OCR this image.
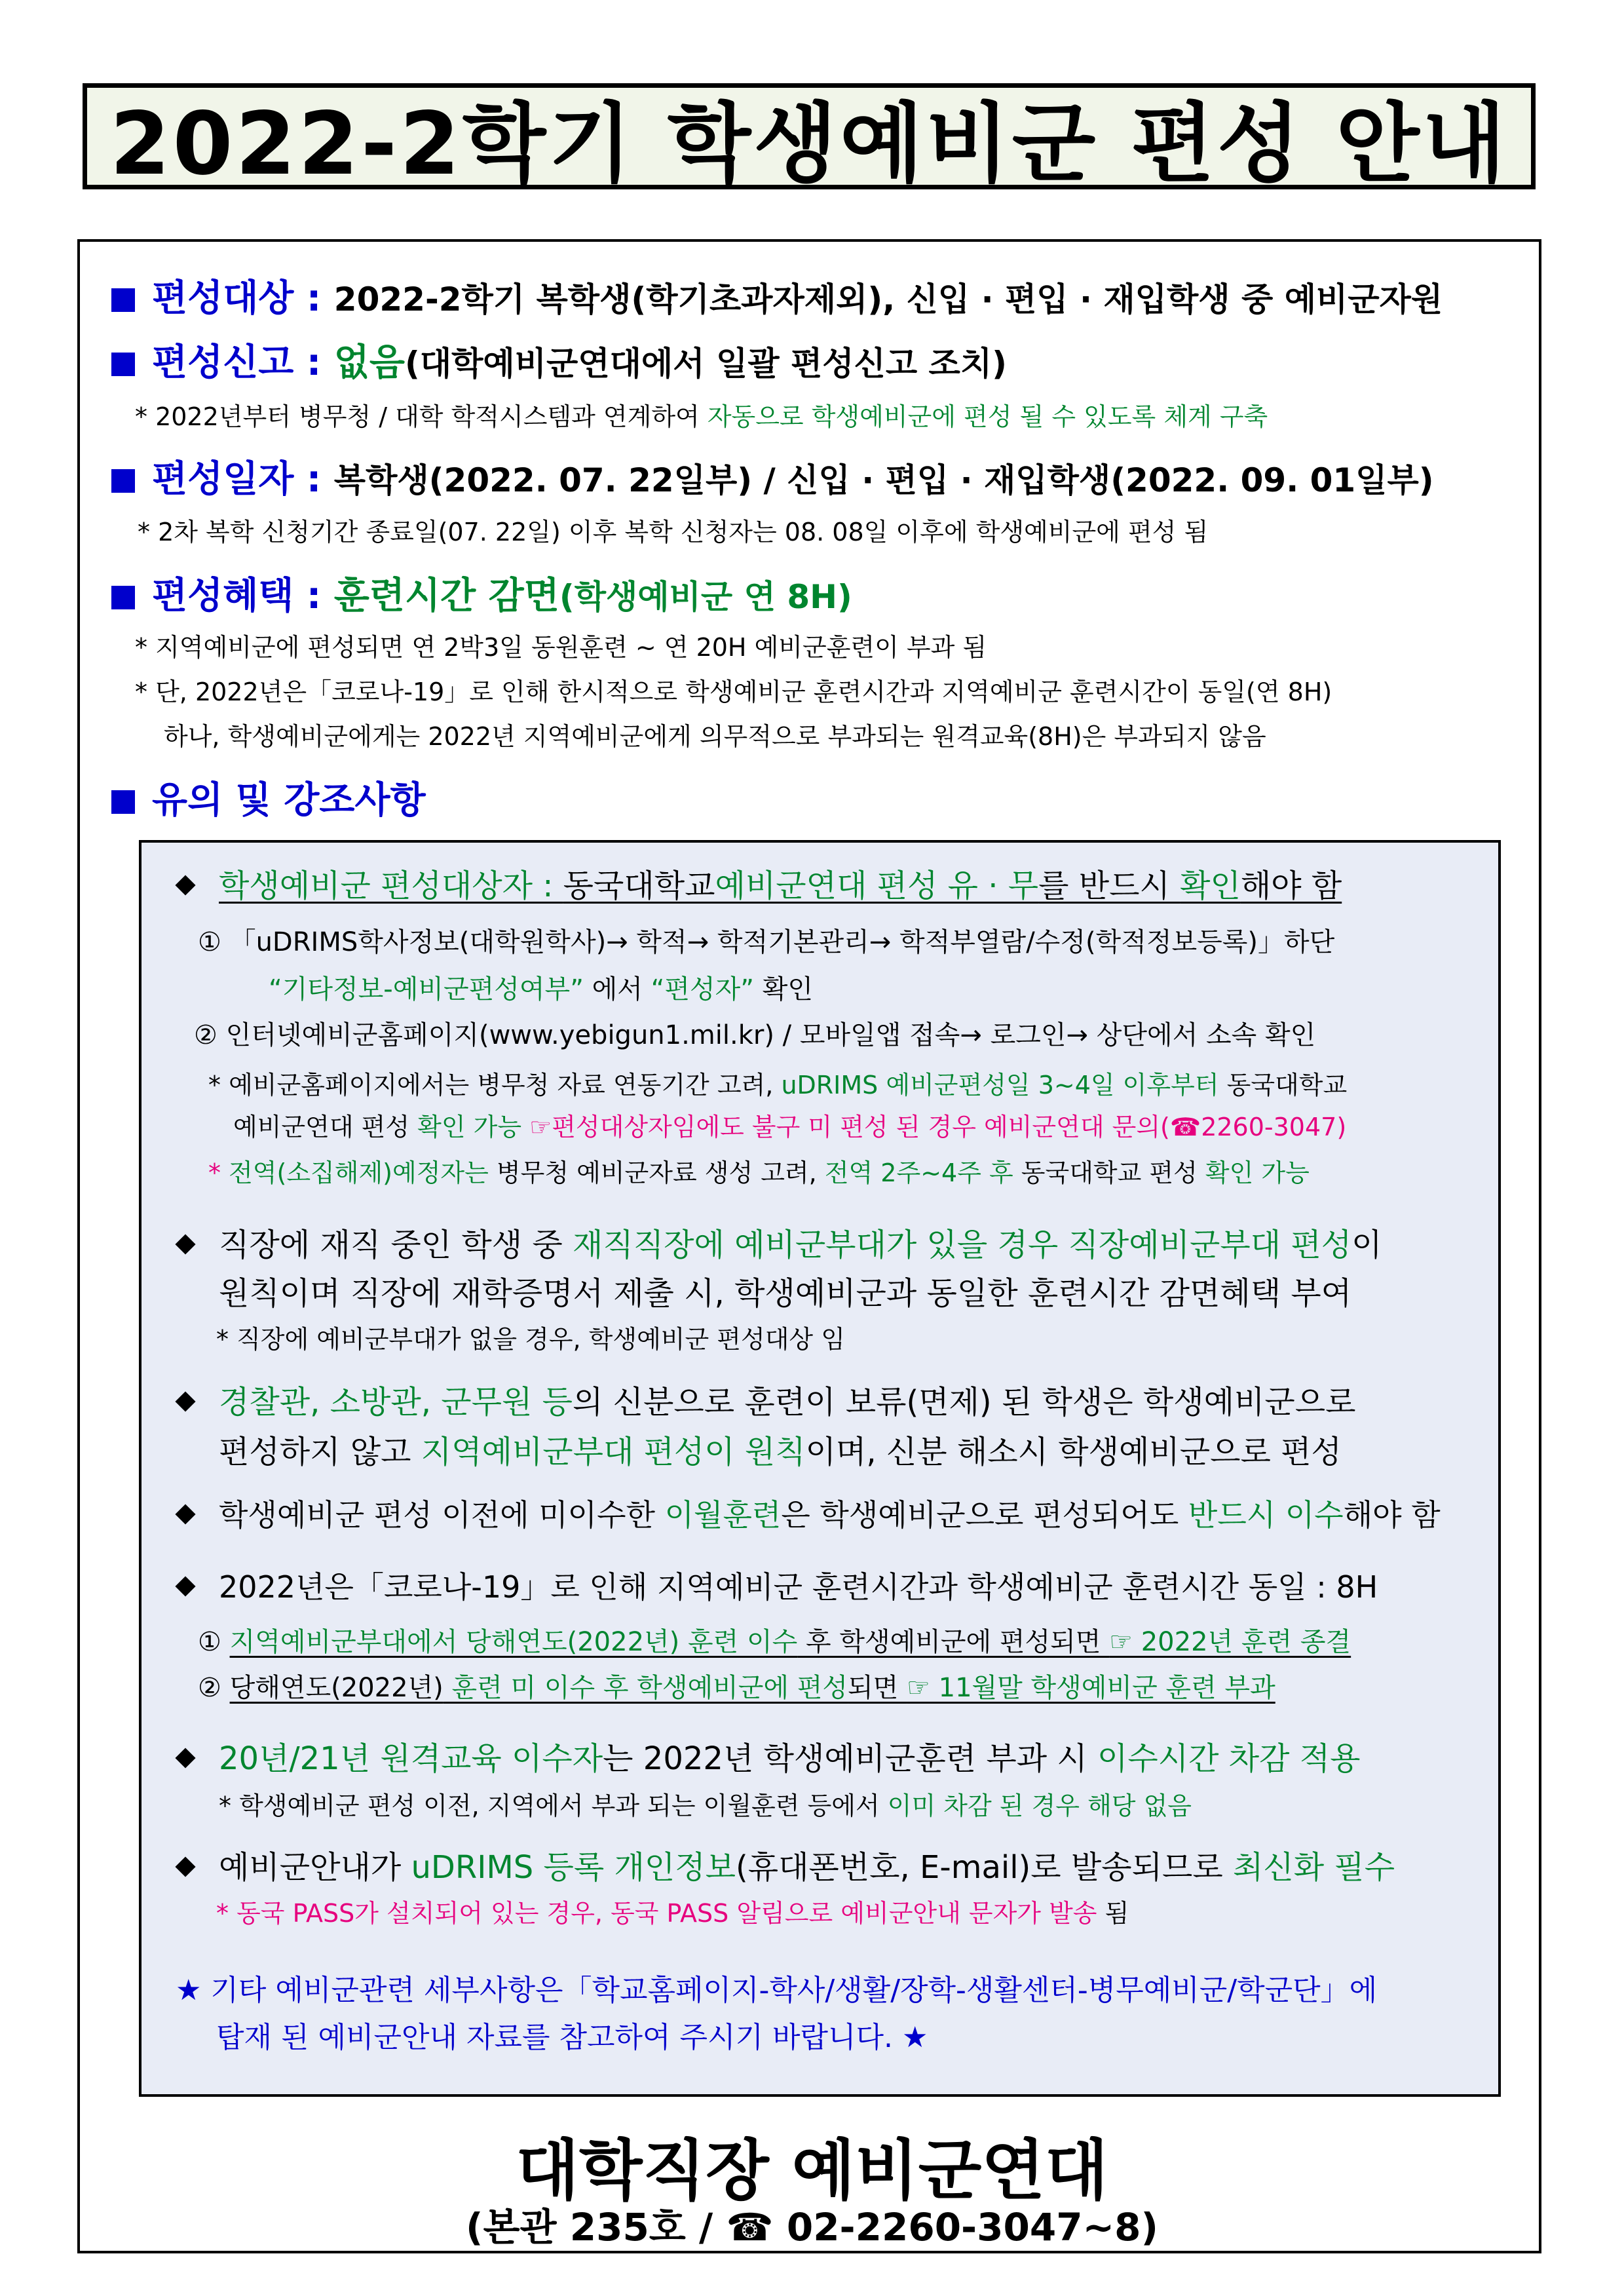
2022-2학기 학생예비군 편성 안내
편성대상 : 2022-2학기 복학생(학기초과자제외), 신입 · 편입 · 재입학생 중 예비군자원
편성신고 : 없음(대학예비군연대에서 일괄 편성신고 조치)
* 2022년부터 병무청 / 대학 학적시스템과 연계하여 자동으로 학생예비군에 편성 될 수 있도록 체계 구축
편성일자 : 복학생(2022. 07. 22일부) / 신입 · 편입 · 재입학생(2022. 09. 01일부)
* 2차 복학 신청기간 종료일(07. 22일) 이후 복학 신청자는 08. 08일 이후에 학생예비군에 편성 됨
편성혜택 : 훈련시간 감면(학생예비군 연 8H)
* 지역예비군에 편성되면 연 2박3일 동원훈련 ~ 연 20H 예비군훈련이 부과 됨
* 단, 2022년은「코로나-19」로 인해 한시적으로 학생예비군 훈련시간과 지역예비군 훈련시간이 동일(연 8H)
하나, 학생예비군에게는 2022년 지역예비군에게 의무적으로 부과되는 원격교육(8H)은 부과되지 않음
유의 및 강조사항
학생예비군 편성대상자 : 동국대학교예비군연대 편성 유 · 무를 반드시 확인해야 함
① 「uDRIMS학사정보(대학원학사)→ 학적→ 학적기본관리→ 학적부열람/수정(학적정보등록)」하단
“기타정보-예비군편성여부” 에서 “편성자” 확인
② 인터넷예비군홈페이지(www.yebigun1.mil.kr) / 모바일앱 접속→ 로그인→ 상단에서 소속 확인
* 예비군홈페이지에서는 병무청 자료 연동기간 고려, uDRIMS 예비군편성일 3~4일 이후부터 동국대학교
예비군연대 편성 확인 가능 ☞편성대상자임에도 불구 미 편성 된 경우 예비군연대 문의(☎2260-3047)
* 전역(소집해제)예정자는 병무청 예비군자료 생성 고려, 전역 2주~4주 후 동국대학교 편성 확인 가능
직장에 재직 중인 학생 중 재직직장에 예비군부대가 있을 경우 직장예비군부대 편성이
원칙이며 직장에 재학증명서 제출 시, 학생예비군과 동일한 훈련시간 감면혜택 부여
* 직장에 예비군부대가 없을 경우, 학생예비군 편성대상 임
경찰관, 소방관, 군무원 등의 신분으로 훈련이 보류(면제) 된 학생은 학생예비군으로
편성하지 않고 지역예비군부대 편성이 원칙이며, 신분 해소시 학생예비군으로 편성
학생예비군 편성 이전에 미이수한 이월훈련은 학생예비군으로 편성되어도 반드시 이수해야 함
2022년은「코로나-19」로 인해 지역예비군 훈련시간과 학생예비군 훈련시간 동일 : 8H
① 지역예비군부대에서 당해연도(2022년) 훈련 이수 후 학생예비군에 편성되면 ☞ 2022년 훈련 종결
② 당해연도(2022년) 훈련 미 이수 후 학생예비군에 편성되면 ☞ 11월말 학생예비군 훈련 부과
20년/21년 원격교육 이수자는 2022년 학생예비군훈련 부과 시 이수시간 차감 적용
* 학생예비군 편성 이전, 지역에서 부과 되는 이월훈련 등에서 이미 차감 된 경우 해당 없음
예비군안내가 uDRIMS 등록 개인정보(휴대폰번호, E-mail)로 발송되므로 최신화 필수
* 동국 PASS가 설치되어 있는 경우, 동국 PASS 알림으로 예비군안내 문자가 발송 됨
★ 기타 예비군관련 세부사항은「학교홈페이지-학사/생활/장학-생활센터-병무예비군/학군단」에
탑재 된 예비군안내 자료를 참고하여 주시기 바랍니다. ★
대학직장 예비군연대
(본관 235호 / ☎ 02-2260-3047~8)
